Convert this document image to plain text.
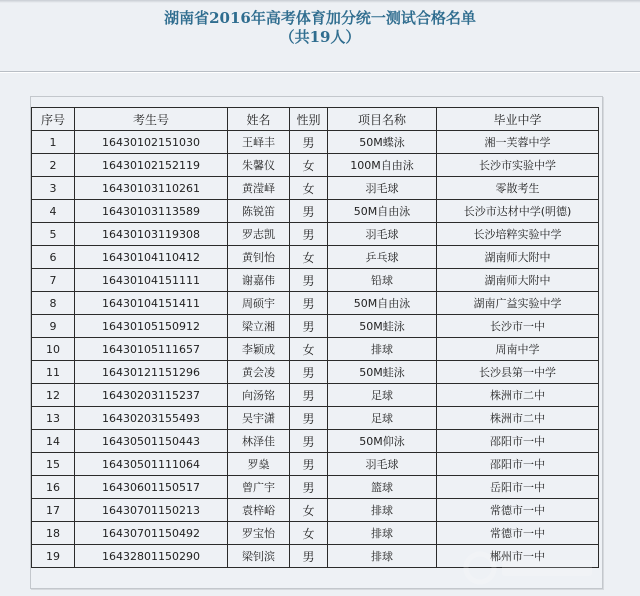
湖南省2016年高考体育加分统一测试合格名单
（共19人）
序号	考生号	姓名	性别	项目名称	毕业中学
1	16430102151030	王峄丰	男	50M蝶泳	湘一芙蓉中学
2	16430102152119	朱馨仪	女	100M自由泳	长沙市实验中学
3	16430103110261	黄滢峄	女	羽毛球	零散考生
4	16430103113589	陈锐笛	男	50M自由泳	长沙市达材中学(明德)
5	16430103119308	罗志凯	男	羽毛球	长沙培粹实验中学
6	16430104110412	黄钊怡	女	乒乓球	湖南师大附中
7	16430104151111	谢嘉伟	男	铅球	湖南师大附中
8	16430104151411	周硕宇	男	50M自由泳	湖南广益实验中学
9	16430105150912	梁立湘	男	50M蛙泳	长沙市一中
10	16430105111657	李颖成	女	排球	周南中学
11	16430121151296	黄会凌	男	50M蛙泳	长沙县第一中学
12	16430203115237	向汤铭	男	足球	株洲市二中
13	16430203155493	吴宇潇	男	足球	株洲市二中
14	16430501150443	林泽佳	男	50M仰泳	邵阳市一中
15	16430501111064	罗燊	男	羽毛球	邵阳市一中
16	16430601150517	曾广宇	男	篮球	岳阳市一中
17	16430701150213	袁梓峪	女	排球	常德市一中
18	16430701150492	罗宝怡	女	排球	常德市一中
19	16432801150290	梁钊滨	男	排球	郴州市一中
